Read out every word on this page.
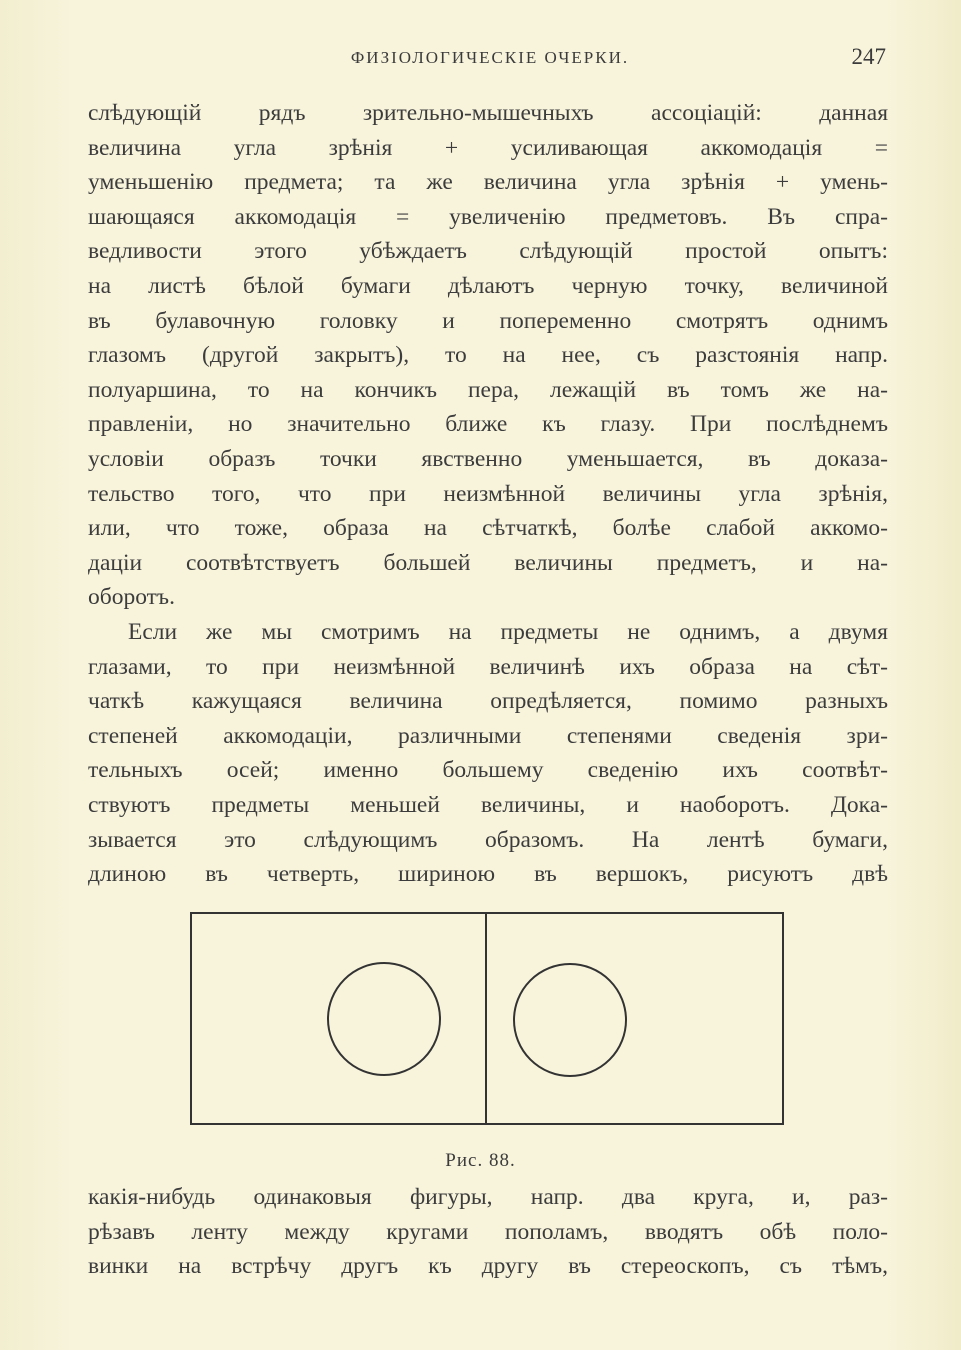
ФИЗІОЛОГИЧЕСКІЕ ОЧЕРКИ.	247
слѣдующій рядъ зрительно-мышечныхъ ассоціацій: данная
величина угла зрѣнія + усиливающая аккомодація =
уменьшенію предмета; та же величина угла зрѣнія + умень-
шающаяся аккомодація = увеличенію предметовъ. Въ спра-
ведливости этого убѣждаетъ слѣдующій простой опытъ:
на листѣ бѣлой бумаги дѣлаютъ черную точку, величиной
въ булавочную головку и попеременно смотрятъ однимъ
глазомъ (другой закрытъ), то на нее, съ разстоянія напр.
полуаршина, то на кончикъ пера, лежащій въ томъ же на-
правленіи, но значительно ближе къ глазу. При послѣднемъ
условіи образъ точки явственно уменьшается, въ доказа-
тельство того, что при неизмѣнной величины угла зрѣнія,
или, что тоже, образа на сѣтчаткѣ, болѣе слабой аккомо-
даціи соотвѣтствуетъ большей величины предметъ, и на-
оборотъ.
Если же мы смотримъ на предметы не однимъ, а двумя
глазами, то при неизмѣнной величинѣ ихъ образа на сѣт-
чаткѣ кажущаяся величина опредѣляется, помимо разныхъ
степеней аккомодаціи, различными степенями сведенія зри-
тельныхъ осей; именно большему сведенію ихъ соотвѣт-
ствуютъ предметы меньшей величины, и наоборотъ. Дока-
зывается это слѣдующимъ образомъ. На лентѣ бумаги,
длиною въ четверть, шириною въ вершокъ, рисуютъ двѣ
Рис. 88.
какія-нибудь одинаковыя фигуры, напр. два круга, и, раз-
рѣзавъ ленту между кругами пополамъ, вводятъ обѣ поло-
винки на встрѣчу другъ къ другу въ стереоскопъ, съ тѣмъ,
